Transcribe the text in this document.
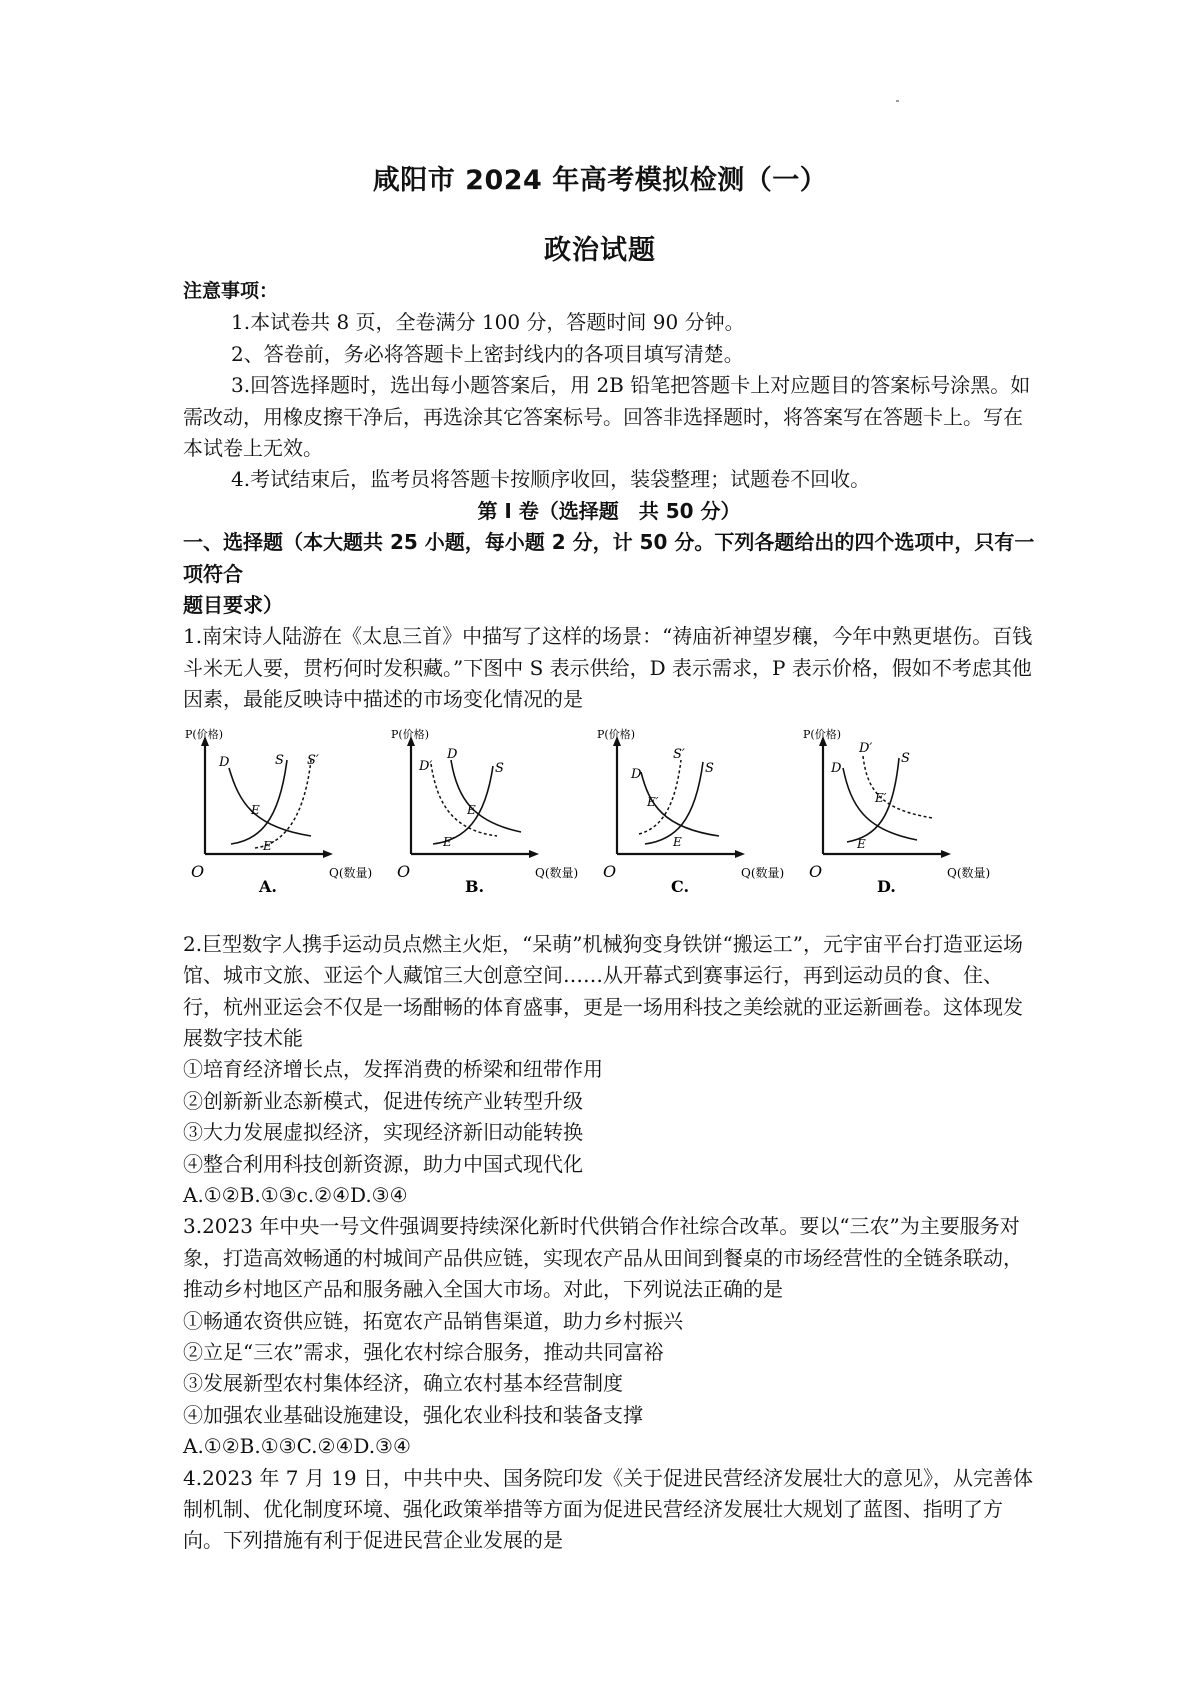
咸阳市 2024 年高考模拟检测（一）
政治试题

注意事项：

1.本试卷共 8 页，全卷满分 100 分，答题时间 90 分钟。

2、答卷前，务必将答题卡上密封线内的各项目填写清楚。

3.回答选择题时，选出每小题答案后，用 2B 铅笔把答题卡上对应题目的答案标号涂黑。如需改动，用橡皮擦干净后，再选涂其它答案标号。回答非选择题时，将答案写在答题卡上。写在本试卷上无效。

4.考试结束后，监考员将答题卡按顺序收回，装袋整理；试题卷不回收。

第 I 卷（选择题　共 50 分）

一、选择题（本大题共 25 小题，每小题 2 分，计 50 分。下列各题给出的四个选项中，只有一项符合

题目要求）

1.南宋诗人陆游在《太息三首》中描写了这样的场景：“祷庙祈神望岁穰，今年中熟更堪伤。百钱斗米无人要，贯朽何时发积藏。”下图中 S 表示供给，D 表示需求，P 表示价格，假如不考虑其他因素，最能反映诗中描述的市场变化情况的是

P(价格)
Q(数量)
O
D	S S′
E
E′
A.
P(价格)
Q(数量)
O
D′
D
S
E
E′
B.
P(价格)
Q(数量)
O
D
S′
S
E′
E
C.
P(价格)
Q(数量)
O
D
D′
S
E′
E
D.

2.巨型数字人携手运动员点燃主火炬，“呆萌”机械狗变身铁饼“搬运工”，元宇宙平台打造亚运场馆、城市文旅、亚运个人藏馆三大创意空间……从开幕式到赛事运行，再到运动员的食、住、行，杭州亚运会不仅是一场酣畅的体育盛事，更是一场用科技之美绘就的亚运新画卷。这体现发展数字技术能

①培育经济增长点，发挥消费的桥梁和纽带作用

②创新新业态新模式，促进传统产业转型升级

③大力发展虚拟经济，实现经济新旧动能转换

④整合利用科技创新资源，助力中国式现代化

A.①②B.①③c.②④D.③④

3.2023 年中央一号文件强调要持续深化新时代供销合作社综合改革。要以“三农”为主要服务对象，打造高效畅通的村城间产品供应链，实现农产品从田间到餐桌的市场经营性的全链条联动，推动乡村地区产品和服务融入全国大市场。对此，下列说法正确的是

①畅通农资供应链，拓宽农产品销售渠道，助力乡村振兴

②立足“三农”需求，强化农村综合服务，推动共同富裕

③发展新型农村集体经济，确立农村基本经营制度

④加强农业基础设施建设，强化农业科技和装备支撑

A.①②B.①③C.②④D.③④

4.2023 年 7 月 19 日，中共中央、国务院印发《关于促进民营经济发展壮大的意见》，从完善体制机制、优化制度环境、强化政策举措等方面为促进民营经济发展壮大规划了蓝图、指明了方向。下列措施有利于促进民营企业发展的是
